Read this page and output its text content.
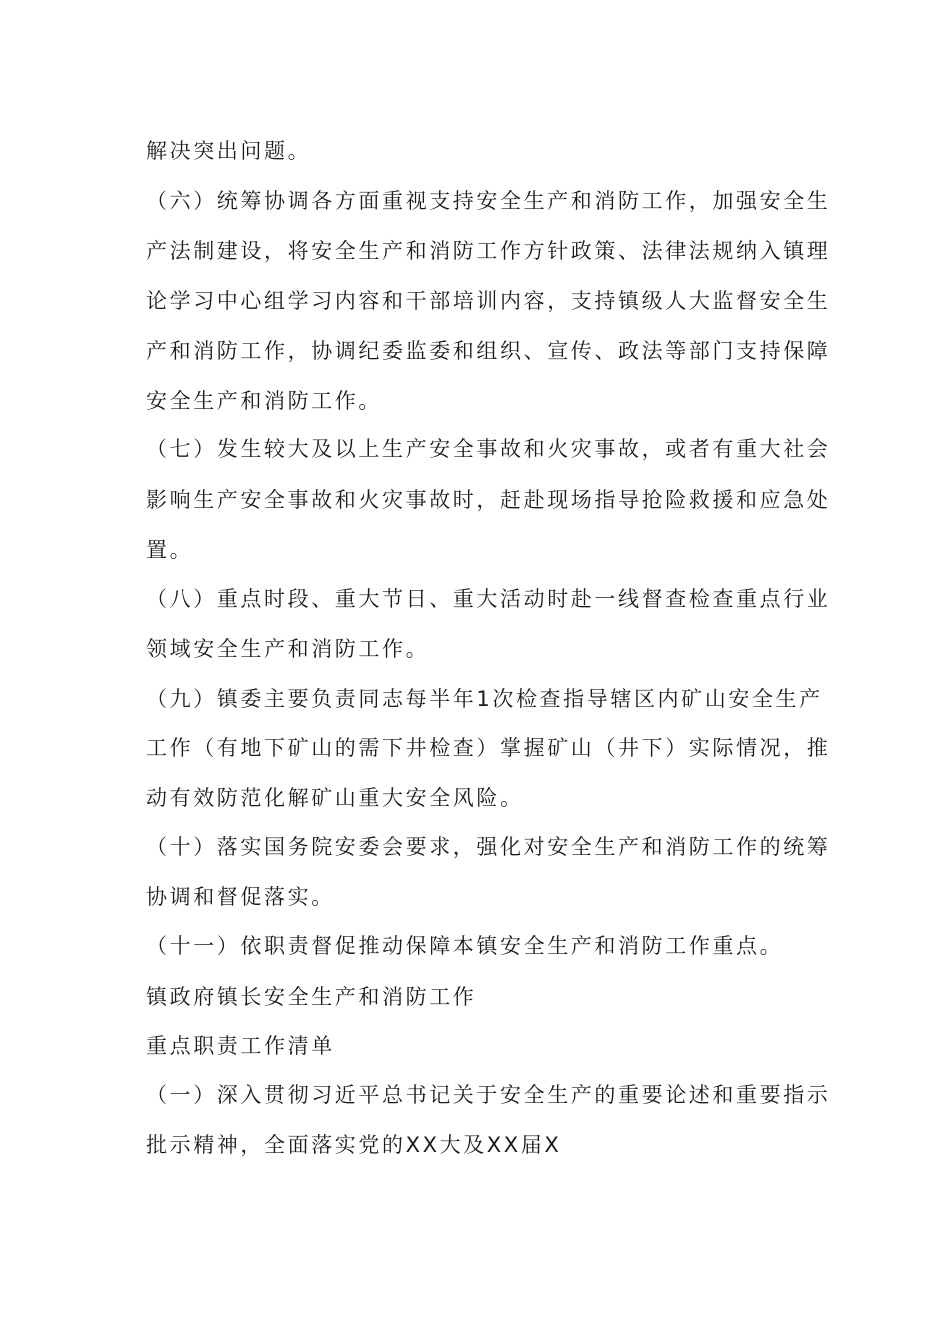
解决突出问题。
（六）统筹协调各方面重视支持安全生产和消防工作，加强安全生
产法制建设，将安全生产和消防工作方针政策、法律法规纳入镇理
论学习中心组学习内容和干部培训内容，支持镇级人大监督安全生
产和消防工作，协调纪委监委和组织、宣传、政法等部门支持保障
安全生产和消防工作。
（七）发生较大及以上生产安全事故和火灾事故，或者有重大社会
影响生产安全事故和火灾事故时，赶赴现场指导抢险救援和应急处
置。
（八）重点时段、重大节日、重大活动时赴一线督查检查重点行业
领域安全生产和消防工作。
（九）镇委主要负责同志每半年1次检查指导辖区内矿山安全生产
工作（有地下矿山的需下井检查）掌握矿山（井下）实际情况，推
动有效防范化解矿山重大安全风险。
（十）落实国务院安委会要求，强化对安全生产和消防工作的统筹
协调和督促落实。
（十一）依职责督促推动保障本镇安全生产和消防工作重点。
镇政府镇长安全生产和消防工作
重点职责工作清单
（一）深入贯彻习近平总书记关于安全生产的重要论述和重要指示
批示精神，全面落实党的XX大及XX届X
